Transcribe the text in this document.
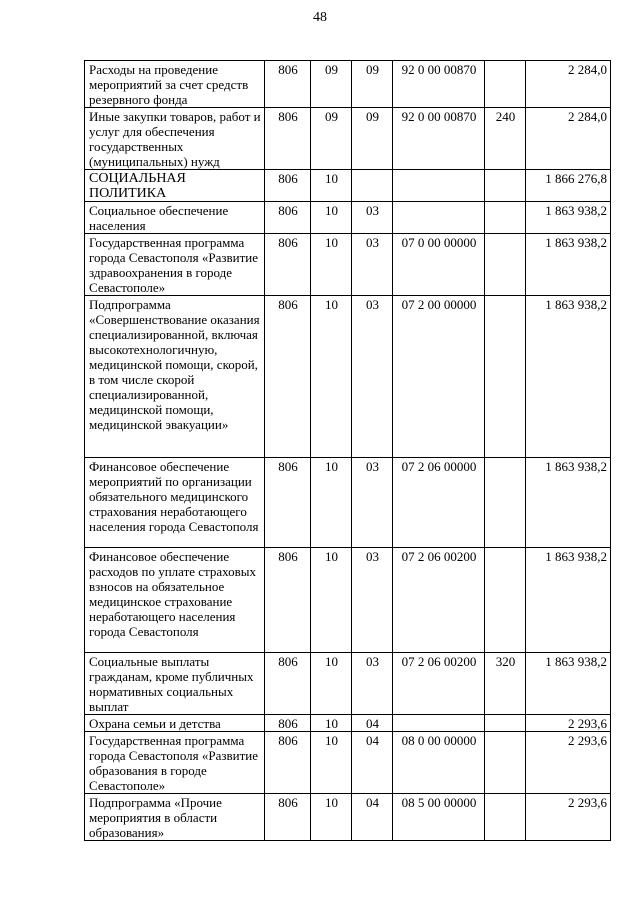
48
Расходы на проведение мероприятий за счет средств резервного фонда	806	09	09	92 0 00 00870		2 284,0
Иные закупки товаров, работ и услуг для обеспечения государственных (муниципальных) нужд	806	09	09	92 0 00 00870	240	2 284,0
СОЦИАЛЬНАЯ ПОЛИТИКА	806	10				1 866 276,8
Социальное обеспечение населения	806	10	03			1 863 938,2
Государственная программа города Севастополя «Развитие здравоохранения в городе Севастополе»	806	10	03	07 0 00 00000		1 863 938,2
Подпрограмма «Совершенствование оказания специализированной, включая высокотехнологичную, медицинской помощи, скорой, в том числе скорой специализированной, медицинской помощи, медицинской эвакуации»	806	10	03	07 2 00 00000		1 863 938,2
Финансовое обеспечение мероприятий по организации обязательного медицинского страхования неработающего населения города Севастополя	806	10	03	07 2 06 00000		1 863 938,2
Финансовое обеспечение расходов по уплате страховых взносов на обязательное медицинское страхование неработающего населения города Севастополя	806	10	03	07 2 06 00200		1 863 938,2
Социальные выплаты гражданам, кроме публичных нормативных социальных выплат	806	10	03	07 2 06 00200	320	1 863 938,2
Охрана семьи и детства	806	10	04			2 293,6
Государственная программа города Севастополя «Развитие образования в городе Севастополе»	806	10	04	08 0 00 00000		2 293,6
Подпрограмма «Прочие мероприятия в области образования»	806	10	04	08 5 00 00000		2 293,6
